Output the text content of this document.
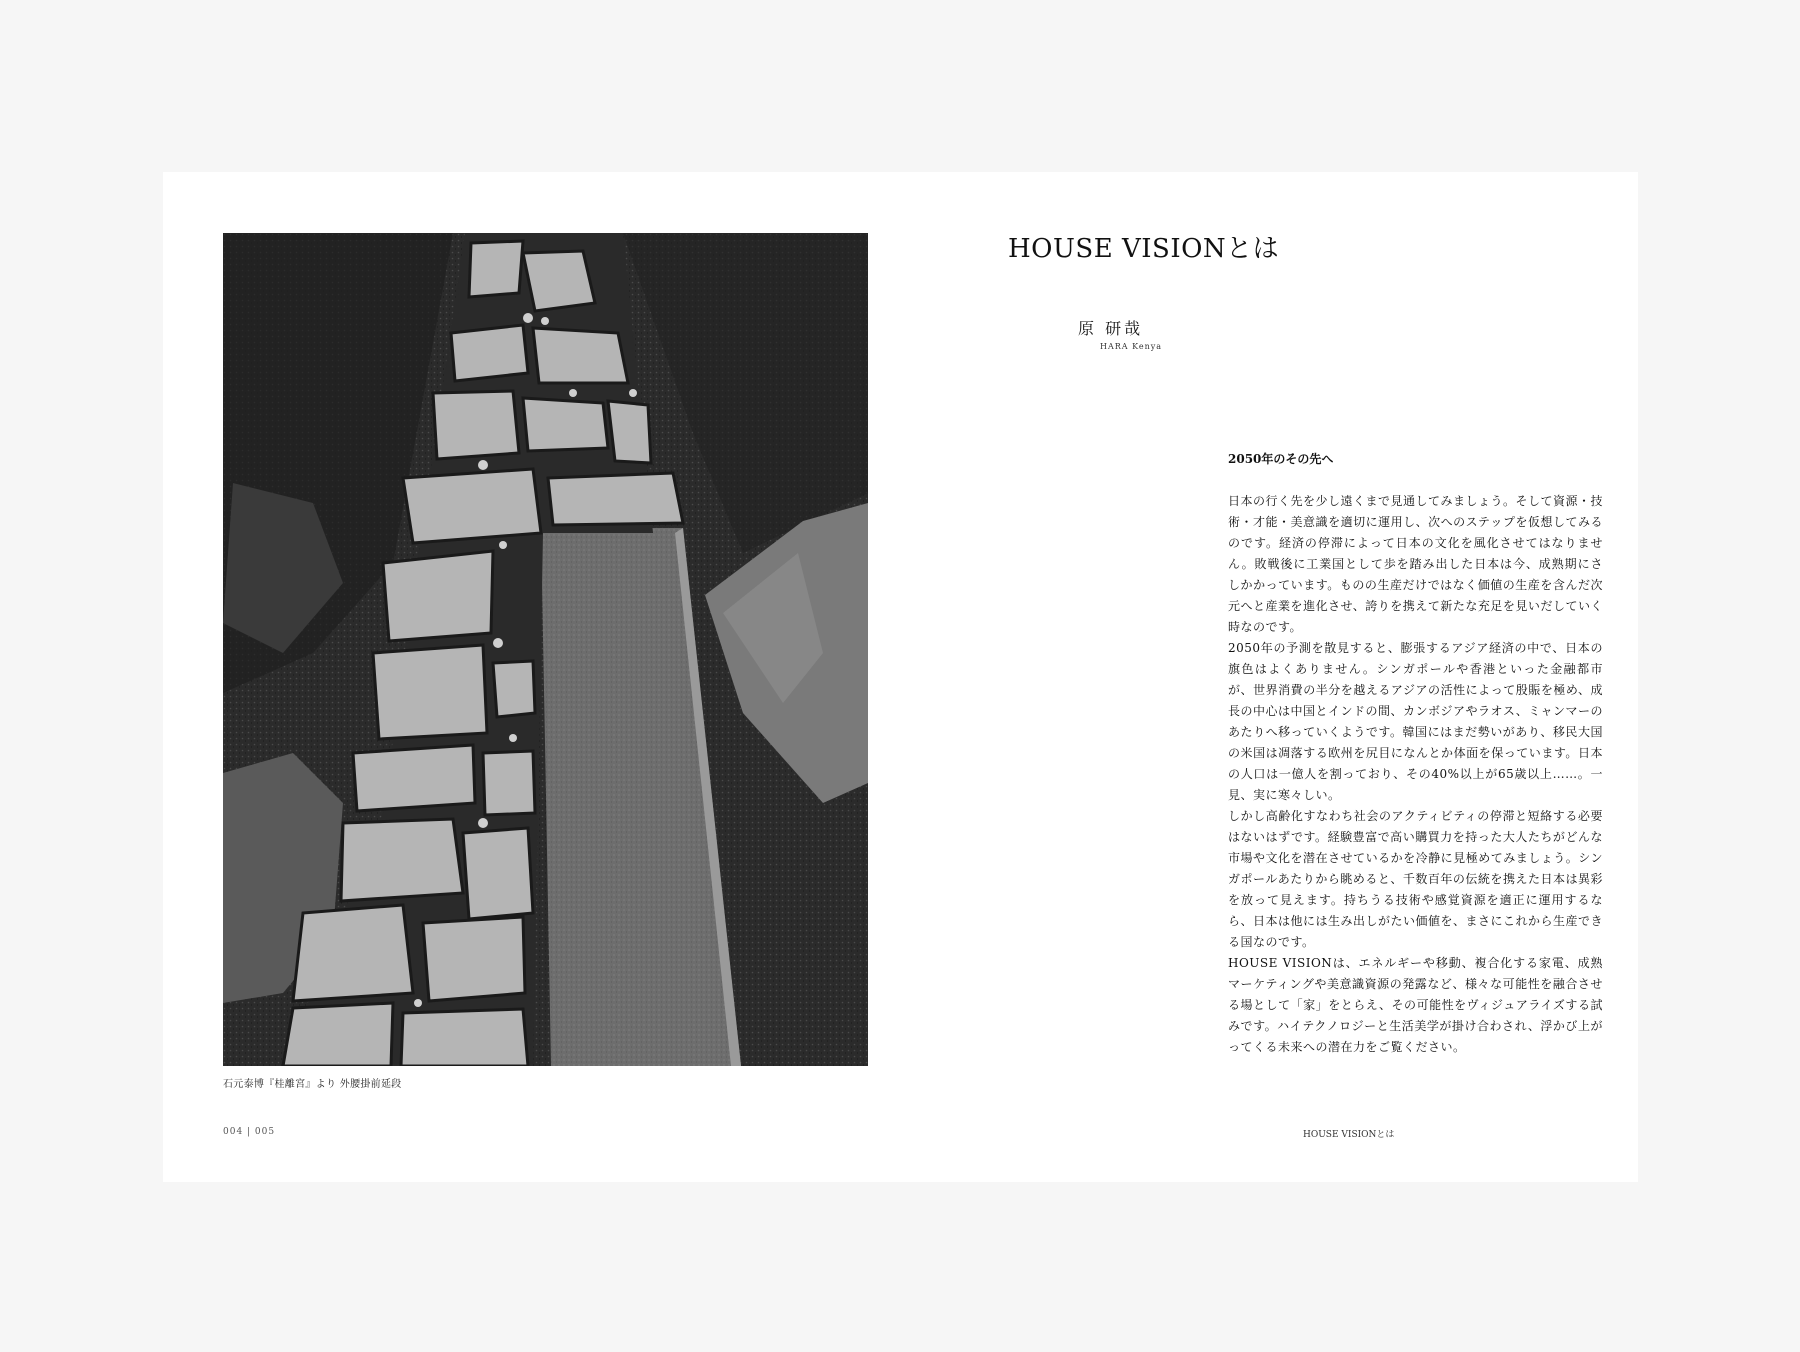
石元泰博『桂離宮』より 外腰掛前延段
004 | 005
HOUSE VISIONとは
原 研哉
HARA Kenya
2050年のその先へ

日本の行く先を少し遠くまで見通してみましょう。そして資源・技術・才能・美意識を適切に運用し、次へのステップを仮想してみるのです。経済の停滞によって日本の文化を風化させてはなりません。敗戦後に工業国として歩を踏み出した日本は今、成熟期にさしかかっています。ものの生産だけではなく価値の生産を含んだ次元へと産業を進化させ、誇りを携えて新たな充足を見いだしていく時なのです。

2050年の予測を散見すると、膨張するアジア経済の中で、日本の旗色はよくありません。シンガポールや香港といった金融都市が、世界消費の半分を越えるアジアの活性によって殷賑を極め、成長の中心は中国とインドの間、カンボジアやラオス、ミャンマーのあたりへ移っていくようです。韓国にはまだ勢いがあり、移民大国の米国は凋落する欧州を尻目になんとか体面を保っています。日本の人口は一億人を割っており、その40%以上が65歳以上……。一見、実に寒々しい。

しかし高齢化すなわち社会のアクティビティの停滞と短絡する必要はないはずです。経験豊富で高い購買力を持った大人たちがどんな市場や文化を潜在させているかを冷静に見極めてみましょう。シンガポールあたりから眺めると、千数百年の伝統を携えた日本は異彩を放って見えます。持ちうる技術や感覚資源を適正に運用するなら、日本は他には生み出しがたい価値を、まさにこれから生産できる国なのです。

HOUSE VISIONは、エネルギーや移動、複合化する家電、成熟マーケティングや美意識資源の発露など、様々な可能性を融合させる場として「家」をとらえ、その可能性をヴィジュアライズする試みです。ハイテクノロジーと生活美学が掛け合わされ、浮かび上がってくる未来への潜在力をご覧ください。

HOUSE VISIONとは
